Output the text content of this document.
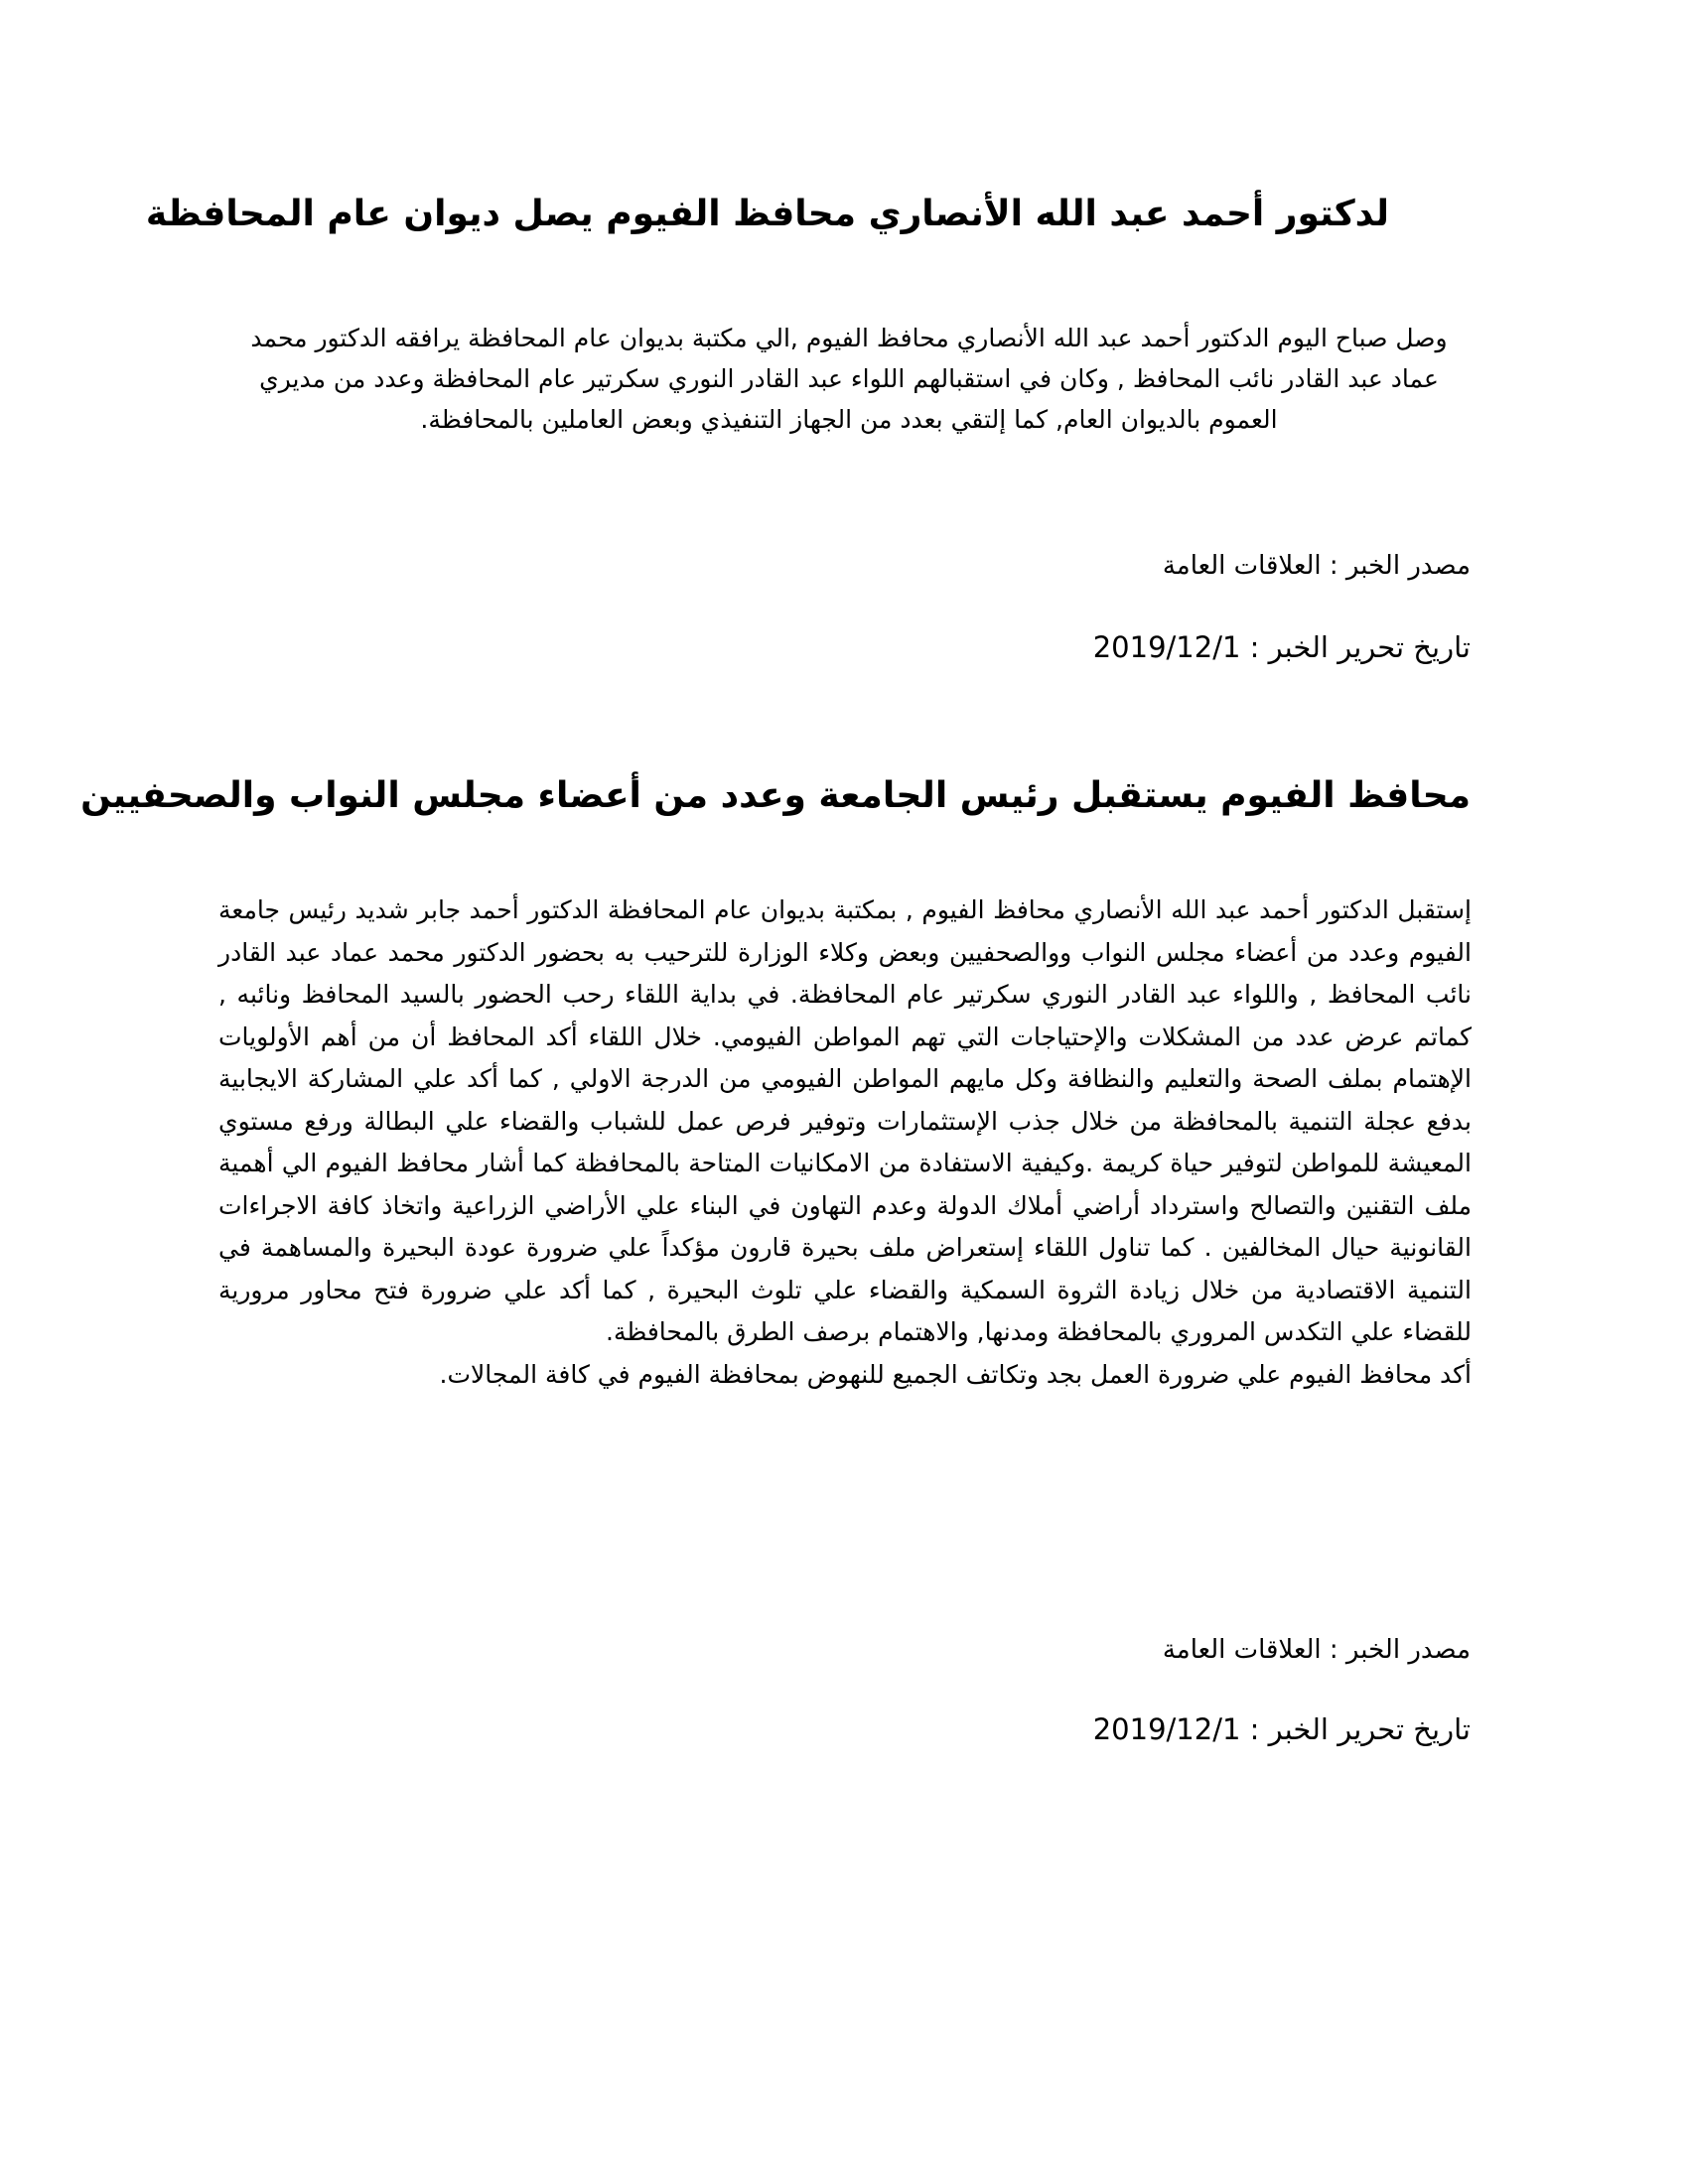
لدكتور أحمد عبد الله الأنصاري محافظ الفيوم يصل ديوان عام المحافظة

وصل صباح اليوم الدكتور أحمد عبد الله الأنصاري محافظ الفيوم ,الي مكتبة بديوان عام المحافظة يرافقه الدكتور محمد عماد عبد القادر نائب المحافظ , وكان في استقبالهم اللواء عبد القادر النوري سكرتير عام المحافظة وعدد من مديري العموم بالديوان العام, كما إلتقي بعدد من الجهاز التنفيذي وبعض العاملين بالمحافظة.

مصدر الخبر : العلاقات العامة

تاريخ تحرير الخبر : 2019/12/1

محافظ الفيوم يستقبل رئيس الجامعة وعدد من أعضاء مجلس النواب والصحفيين
إستقبل الدكتور أحمد عبد الله الأنصاري محافظ الفيوم , بمكتبة بديوان عام المحافظة الدكتور أحمد جابر شديد رئيس جامعة الفيوم وعدد من أعضاء مجلس النواب ووالصحفيين وبعض وكلاء الوزارة للترحيب به بحضور الدكتور محمد عماد عبد القادر نائب المحافظ , واللواء عبد القادر النوري سكرتير عام المحافظة. في بداية اللقاء رحب الحضور بالسيد المحافظ ونائبه , كماتم عرض عدد من المشكلات والإحتياجات التي تهم المواطن الفيومي. خلال اللقاء أكد المحافظ أن من أهم الأولويات الإهتمام بملف الصحة والتعليم والنظافة وكل مايهم المواطن الفيومي من الدرجة الاولي , كما أكد علي المشاركة الايجابية بدفع عجلة التنمية بالمحافظة من خلال جذب الإستثمارات وتوفير فرص عمل للشباب والقضاء علي البطالة ورفع مستوي المعيشة للمواطن لتوفير حياة كريمة .وكيفية الاستفادة من الامكانيات المتاحة بالمحافظة كما أشار محافظ الفيوم الي أهمية ملف التقنين والتصالح واسترداد أراضي أملاك الدولة وعدم التهاون في البناء علي الأراضي الزراعية واتخاذ كافة الاجراءات القانونية حيال المخالفين . كما تناول اللقاء إستعراض ملف بحيرة قارون مؤكداً علي ضرورة عودة البحيرة والمساهمة في التنمية الاقتصادية من خلال زيادة الثروة السمكية والقضاء علي تلوث البحيرة , كما أكد علي ضرورة فتح محاور مرورية للقضاء علي التكدس المروري بالمحافظة ومدنها, والاهتمام برصف الطرق بالمحافظة.
أكد محافظ الفيوم علي ضرورة العمل بجد وتكاتف الجميع للنهوض بمحافظة الفيوم في كافة المجالات.

مصدر الخبر : العلاقات العامة

تاريخ تحرير الخبر : 2019/12/1
